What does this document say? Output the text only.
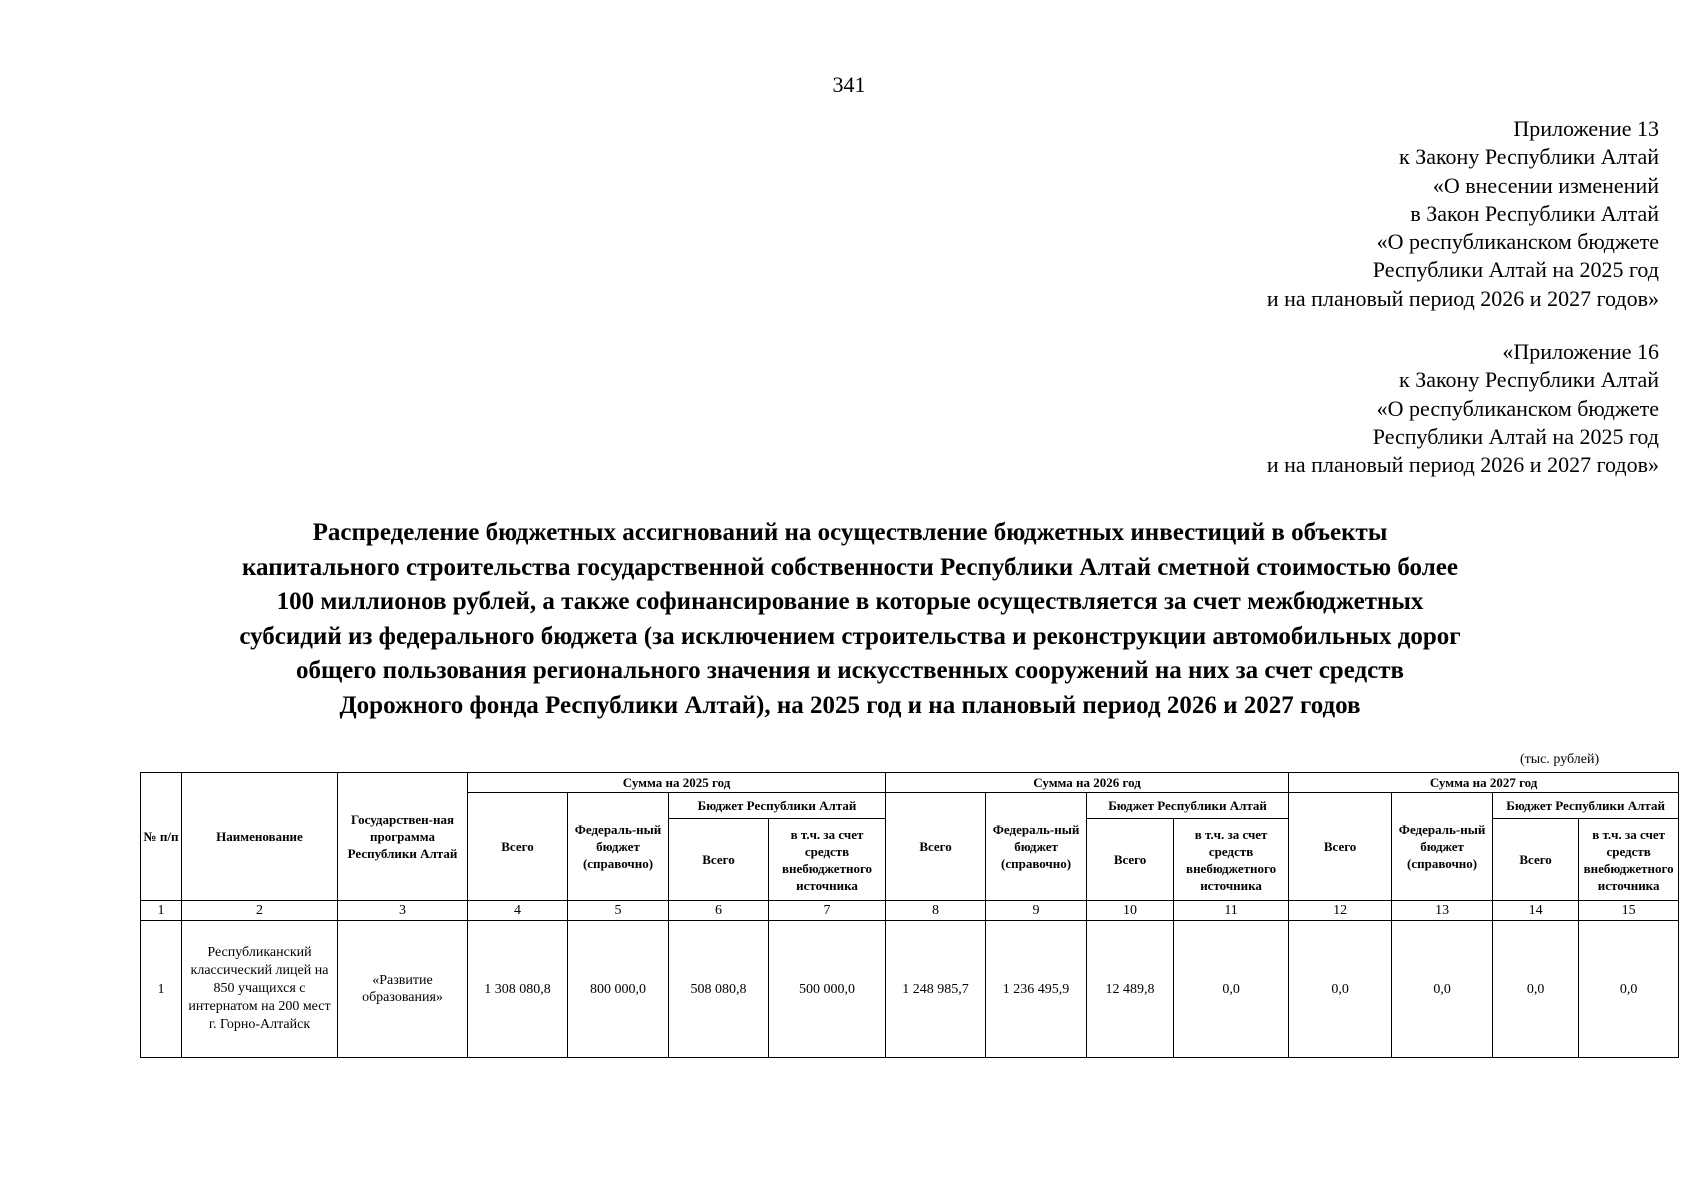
341
Приложение 13
к Закону Республики Алтай
«О внесении изменений
в Закон Республики Алтай
«О республиканском бюджете
Республики Алтай на 2025 год
и на плановый период 2026 и 2027 годов»
«Приложение 16
к Закону Республики Алтай
«О республиканском бюджете
Республики Алтай на 2025 год
и на плановый период 2026 и 2027 годов»
Распределение бюджетных ассигнований на осуществление бюджетных инвестиций в объекты
капитального строительства государственной собственности Республики Алтай сметной стоимостью более
100 миллионов рублей, а также софинансирование в которые осуществляется за счет межбюджетных
субсидий из федерального бюджета (за исключением строительства и реконструкции автомобильных дорог
общего пользования регионального значения и искусственных сооружений на них за счет средств
Дорожного фонда Республики Алтай), на 2025 год и на плановый период 2026 и 2027 годов
(тыс. рублей)
№ п/п	Наименование	Государствен-ная программа Республики Алтай	Сумма на 2025 год				Сумма на 2026 год				Сумма на 2027 год			
			Всего	Федераль-ный бюджет (справочно)	Бюджет Республики Алтай		Всего	Федераль-ный бюджет (справочно)	Бюджет Республики Алтай		Всего	Федераль-ный бюджет (справочно)	Бюджет Республики Алтай	
					Всего	в т.ч. за счет средств внебюджетного источника			Всего	в т.ч. за счет средств внебюджетного источника			Всего	в т.ч. за счет средств внебюджетного источника
1	2	3	4	5	6	7	8	9	10	11	12	13	14	15
1	Республиканский классический лицей на 850 учащихся с интернатом на 200 мест г. Горно-Алтайск	«Развитие образования»	1 308 080,8	800 000,0	508 080,8	500 000,0	1 248 985,7	1 236 495,9	12 489,8	0,0	0,0	0,0	0,0	0,0
